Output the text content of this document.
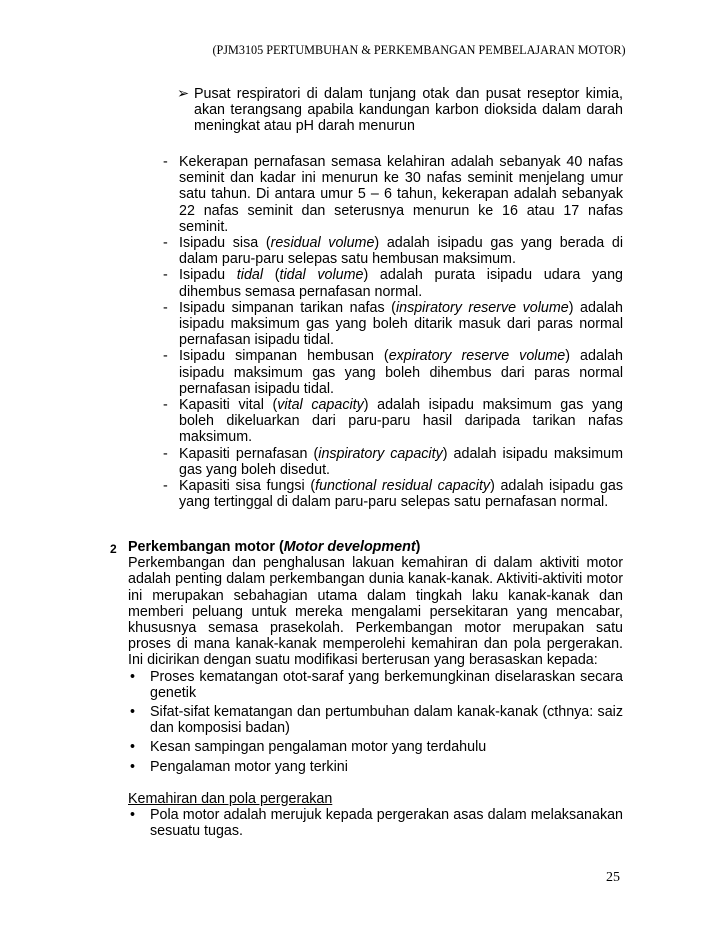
(PJM3105 PERTUMBUHAN & PERKEMBANGAN PEMBELAJARAN MOTOR)
➢ Pusat respiratori di dalam tunjang otak dan pusat reseptor kimia, akan terangsang apabila kandungan karbon dioksida dalam darah meningkat atau pH darah menurun

- Kekerapan pernafasan semasa kelahiran adalah sebanyak 40 nafas seminit dan kadar ini menurun ke 30 nafas seminit menjelang umur satu tahun. Di antara umur 5 – 6 tahun, kekerapan adalah sebanyak 22 nafas seminit dan seterusnya menurun ke 16 atau 17 nafas seminit.

- Isipadu sisa (residual volume) adalah isipadu gas yang berada di dalam paru-paru selepas satu hembusan maksimum.

- Isipadu tidal (tidal volume) adalah purata isipadu udara yang dihembus semasa pernafasan normal.

- Isipadu simpanan tarikan nafas (inspiratory reserve volume) adalah isipadu maksimum gas yang boleh ditarik masuk dari paras normal pernafasan isipadu tidal.

- Isipadu simpanan hembusan (expiratory reserve volume) adalah isipadu maksimum gas yang boleh dihembus dari paras normal pernafasan isipadu tidal.

- Kapasiti vital (vital capacity) adalah isipadu maksimum gas yang boleh dikeluarkan dari paru-paru hasil daripada tarikan nafas maksimum.

- Kapasiti pernafasan (inspiratory capacity) adalah isipadu maksimum gas yang boleh disedut.

- Kapasiti sisa fungsi (functional residual capacity) adalah isipadu gas yang tertinggal di dalam paru-paru selepas satu pernafasan normal.

2 Perkembangan motor (Motor development)
Perkembangan dan penghalusan lakuan kemahiran di dalam aktiviti motor adalah penting dalam perkembangan dunia kanak-kanak. Aktiviti-aktiviti motor ini merupakan sebahagian utama dalam tingkah laku kanak-kanak dan memberi peluang untuk mereka mengalami persekitaran yang mencabar, khususnya semasa prasekolah. Perkembangan motor merupakan satu proses di mana kanak-kanak memperolehi kemahiran dan pola pergerakan. Ini dicirikan dengan suatu modifikasi berterusan yang berasaskan kepada:
• Proses kematangan otot-saraf yang berkemungkinan diselaraskan secara genetik
• Sifat-sifat kematangan dan pertumbuhan dalam kanak-kanak (cthnya: saiz dan komposisi badan)
• Kesan sampingan pengalaman motor yang terdahulu
• Pengalaman motor yang terkini
Kemahiran dan pola pergerakan
• Pola motor adalah merujuk kepada pergerakan asas dalam melaksanakan sesuatu tugas.
25
